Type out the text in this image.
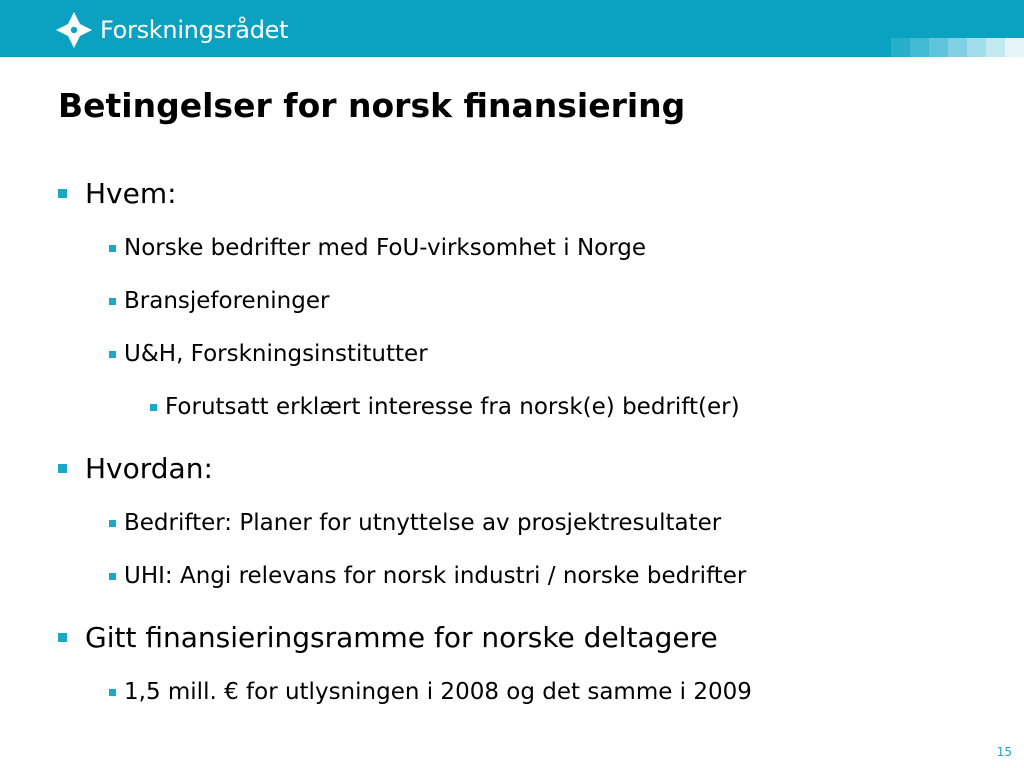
Forskningsrådet
Betingelser for norsk finansiering
Hvem:
Norske bedrifter med FoU-virksomhet i Norge
Bransjeforeninger
U&H, Forskningsinstitutter
Forutsatt erklært interesse fra norsk(e) bedrift(er)
Hvordan:
Bedrifter: Planer for utnyttelse av prosjektresultater
UHI: Angi relevans for norsk industri / norske bedrifter
Gitt finansieringsramme for norske deltagere
1,5 mill. € for utlysningen i 2008 og det samme i 2009
15
